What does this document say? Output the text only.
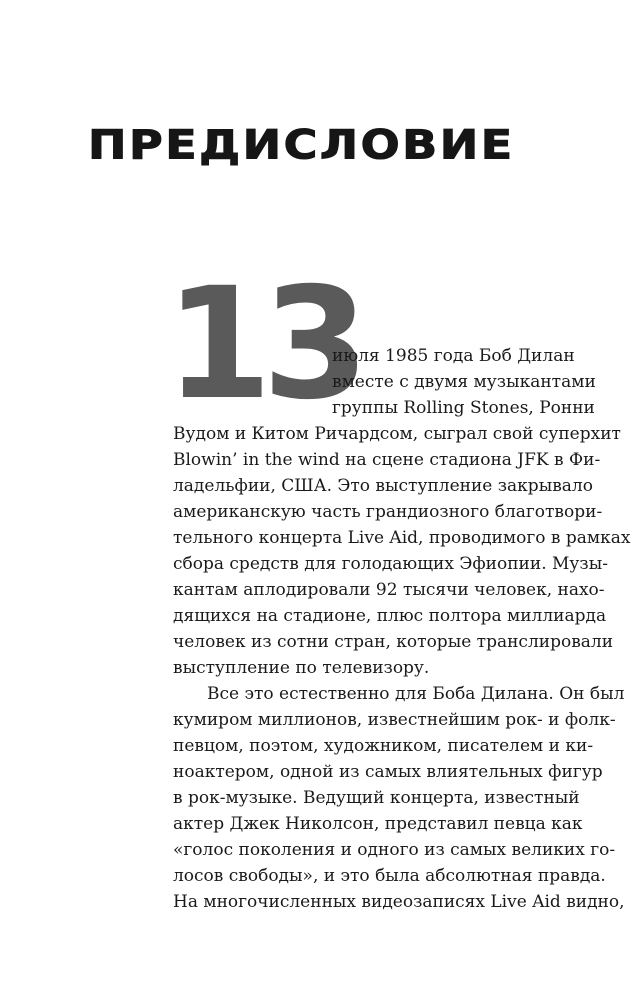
ПРЕДИСЛОВИЕ
13
июля 1985 года Боб Дилан
вместе с двумя музыкантами
группы Rolling Stones, Ронни
Вудом и Китом Ричардсом, сыграл свой суперхит
Blowin’ in the wind на сцене стадиона JFK в Фи-
ладельфии, США. Это выступление закрывало
американскую часть грандиозного благотвори-
тельного концерта Live Aid, проводимого в рамках
сбора средств для голодающих Эфиопии. Музы-
кантам аплодировали 92 тысячи человек, нахо-
дящихся на стадионе, плюс полтора миллиарда
человек из сотни стран, которые транслировали
выступление по телевизору.
Все это естественно для Боба Дилана. Он был
кумиром миллионов, известнейшим рок- и фолк-
певцом, поэтом, художником, писателем и ки-
ноактером, одной из самых влиятельных фигур
в рок-музыке. Ведущий концерта, известный
актер Джек Николсон, представил певца как
«голос поколения и одного из самых великих го-
лосов свободы», и это была абсолютная правда.
На многочисленных видеозаписях Live Aid видно,
